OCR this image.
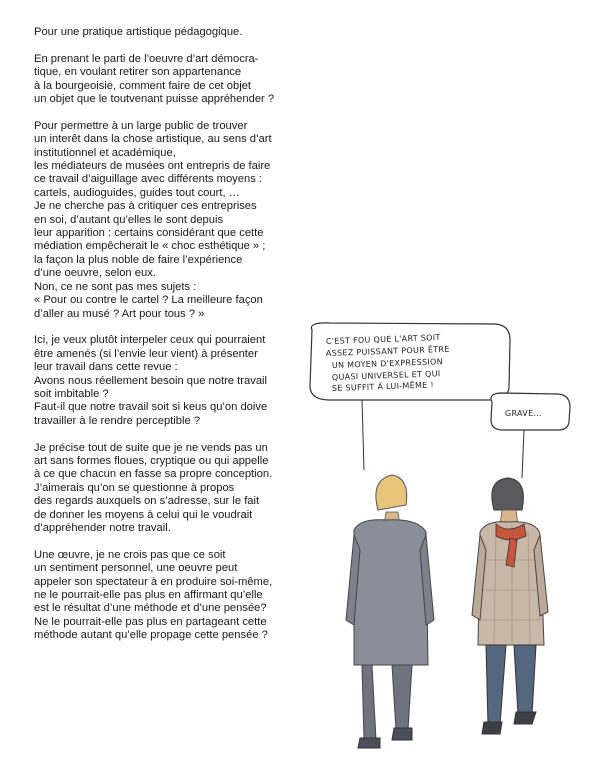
Pour une pratique artistique pédagogique.
En prenant le parti de l’oeuvre d’art démocra-
tique, en voulant retirer son appartenance
à la bourgeoisie, comment faire de cet objet
un objet que le toutvenant puisse appréhender ?
Pour permettre à un large public de trouver
un interêt dans la chose artistique, au sens d’art
institutionnel et académique,
les médiateurs de musées ont entrepris de faire
ce travail d’aiguillage avec différents moyens :
cartels, audioguides, guides tout court, …
Je ne cherche pas à critiquer ces entreprises
en soi, d’autant qu’elles le sont depuis
leur apparition : certains considérant que cette
médiation empêcherait le « choc esthétique » ;
la façon la plus noble de faire l’expérience
d’une oeuvre, selon eux.
Non, ce ne sont pas mes sujets :
« Pour ou contre le cartel ? La meilleure façon
d’aller au musé ? Art pour tous ? »
Ici, je veux plutôt interpeler ceux qui pourraient
être amenés (si l’envie leur vient) à présenter
leur travail dans cette revue :
Avons nous réellement besoin que notre travail
soit imbitable ?
Faut-il que notre travail soit si keus qu’on doive
travailler à le rendre perceptible ?
Je précise tout de suite que je ne vends pas un
art sans formes floues, cryptique ou qui appelle
à ce que chacun en fasse sa propre conception.
J’aimerais qu’on se questionne à propos
des regards auxquels on s’adresse, sur le fait
de donner les moyens à celui qui le voudrait
d’appréhender notre travail.
Une œuvre, je ne crois pas que ce soit
un sentiment personnel, une oeuvre peut
appeler son spectateur à en produire soi-même,
ne le pourrait-elle pas plus en affirmant qu’elle
est le résultat d’une méthode et d’une pensée?
Ne le pourrait-elle pas plus en partageant cette
méthode autant qu’elle propage cette pensée ?
C'EST FOU QUE L'ART SOIT
ASSEZ PUISSANT POUR ÊTRE
UN MOYEN D'EXPRESSION
QUASI UNIVERSEL ET QUI
SE SUFFIT À LUI-MÊME !
GRAVE…
